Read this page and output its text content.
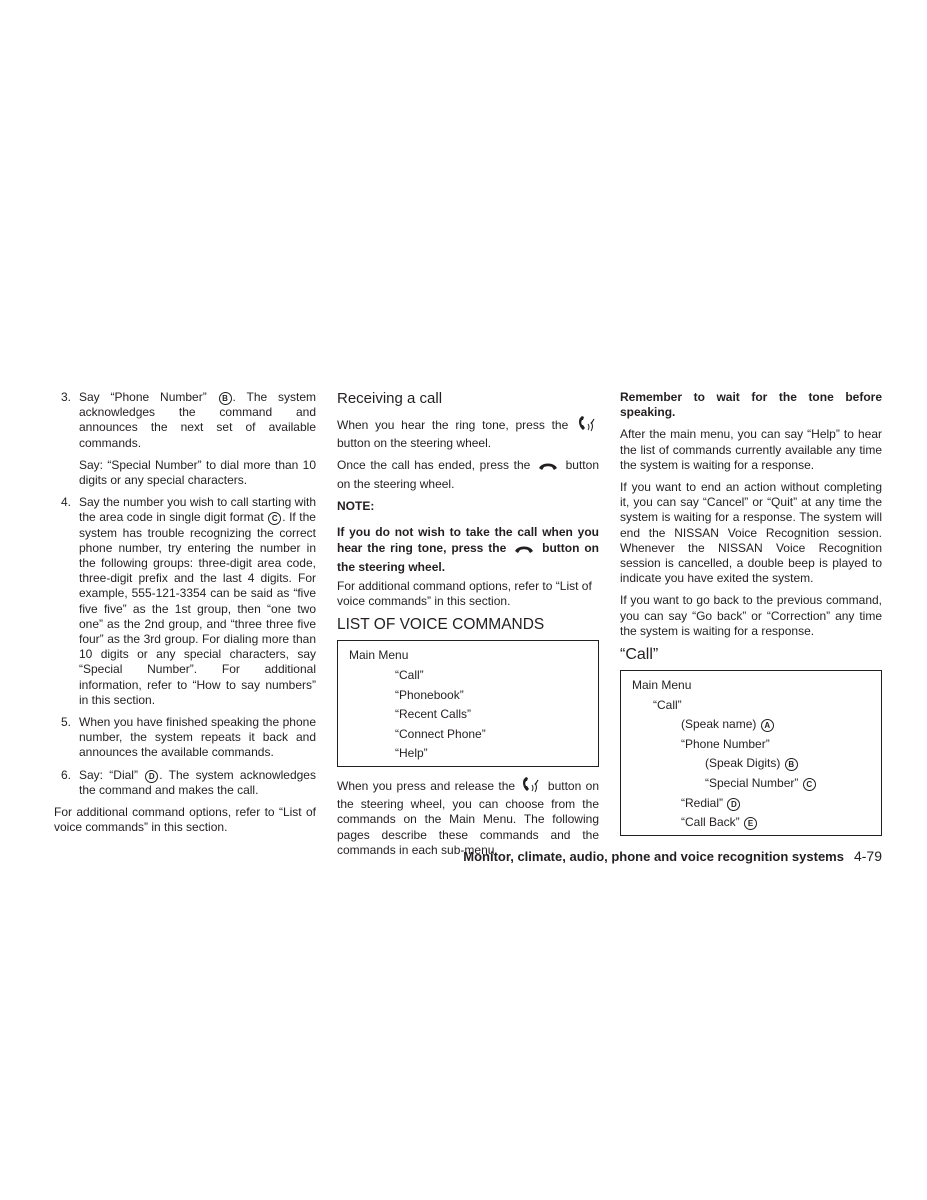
3. Say “Phone Number” B . The system acknowledges the command and announces the next set of available commands.

Say: “Special Number” to dial more than 10 digits or any special characters.

4. Say the number you wish to call starting with the area code in single digit format C . If the system has trouble recognizing the correct phone number, try entering the number in the following groups: three-digit area code, three-digit prefix and the last 4 digits. For example, 555-121-3354 can be said as “five five five” as the 1st group, then “one two one” as the 2nd group, and “three three five four” as the 3rd group. For dialing more than 10 digits or any special characters, say “Special Number”. For additional information, refer to “How to say numbers” in this section.
5. When you have finished speaking the phone number, the system repeats it back and announces the available commands.
6. Say: “Dial” D . The system acknowledges the command and makes the call.

For additional command options, refer to “List of voice commands” in this section.

Receiving a call

When you hear the ring tone, press the  button on the steering wheel.

Once the call has ended, press the	button on the steering wheel.

NOTE:

If you do not wish to take the call when you hear the ring tone, press the	button on the steering wheel.

For additional command options, refer to “List of voice commands” in this section.

LIST OF VOICE COMMANDS
Main Menu
“Call”
“Phonebook”
“Recent Calls”
“Connect Phone”
“Help”

When you press and release the	button on the steering wheel, you can choose from the commands on the Main Menu. The following pages describe these commands and the commands in each sub-menu.

Remember to wait for the tone before speaking.

After the main menu, you can say “Help” to hear the list of commands currently available any time the system is waiting for a response.

If you want to end an action without completing it, you can say “Cancel” or “Quit” at any time the system is waiting for a response. The system will end the NISSAN Voice Recognition session. Whenever the NISSAN Voice Recognition session is cancelled, a double beep is played to indicate you have exited the system.

If you want to go back to the previous command, you can say “Go back” or “Correction” any time the system is waiting for a response.

“Call”
Main Menu
“Call”
(Speak name) A
“Phone Number”
(Speak Digits) B
“Special Number” C
“Redial” D
“Call Back” E
Monitor, climate, audio, phone and voice recognition systems 4-79
